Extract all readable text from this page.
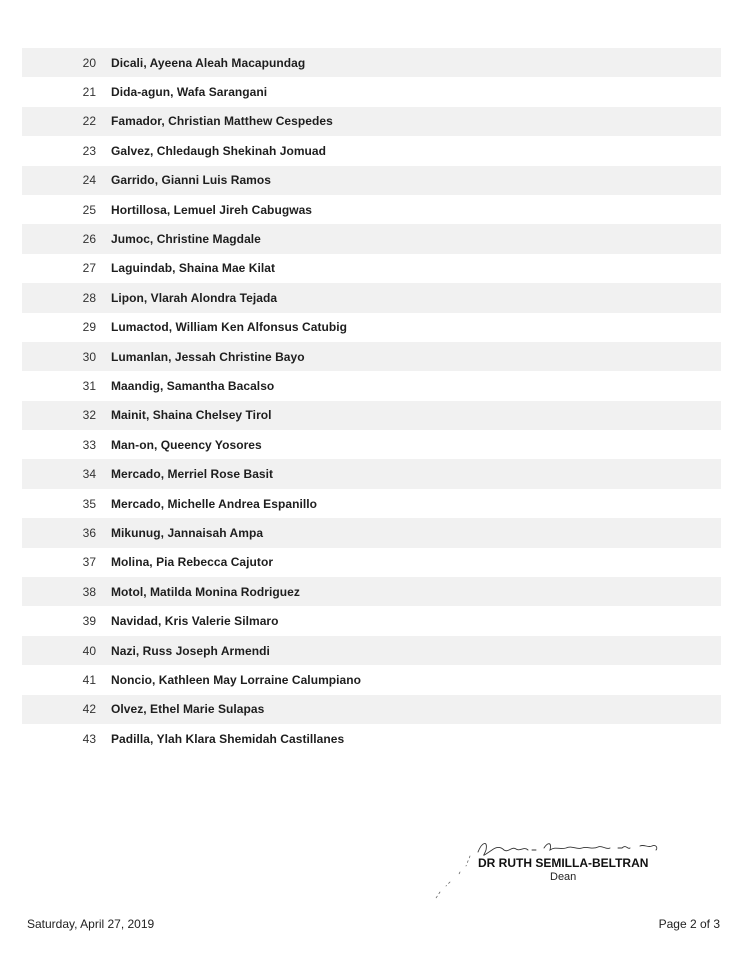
20 Dicali, Ayeena Aleah Macapundag
21 Dida-agun, Wafa Sarangani
22 Famador, Christian Matthew Cespedes
23 Galvez, Chledaugh Shekinah Jomuad
24 Garrido, Gianni Luis Ramos
25 Hortillosa, Lemuel Jireh Cabugwas
26 Jumoc, Christine Magdale
27 Laguindab, Shaina Mae Kilat
28 Lipon, Vlarah Alondra Tejada
29 Lumactod, William Ken Alfonsus Catubig
30 Lumanlan, Jessah Christine Bayo
31 Maandig, Samantha Bacalso
32 Mainit, Shaina Chelsey Tirol
33 Man-on, Queency Yosores
34 Mercado, Merriel Rose Basit
35 Mercado, Michelle Andrea Espanillo
36 Mikunug, Jannaisah Ampa
37 Molina, Pia Rebecca Cajutor
38 Motol, Matilda Monina Rodriguez
39 Navidad, Kris Valerie Silmaro
40 Nazi, Russ Joseph Armendi
41 Noncio, Kathleen May Lorraine Calumpiano
42 Olvez, Ethel Marie Sulapas
43 Padilla, Ylah Klara Shemidah Castillanes
DR RUTH SEMILLA-BELTRAN
Dean
Saturday, April 27, 2019	Page 2 of 3
